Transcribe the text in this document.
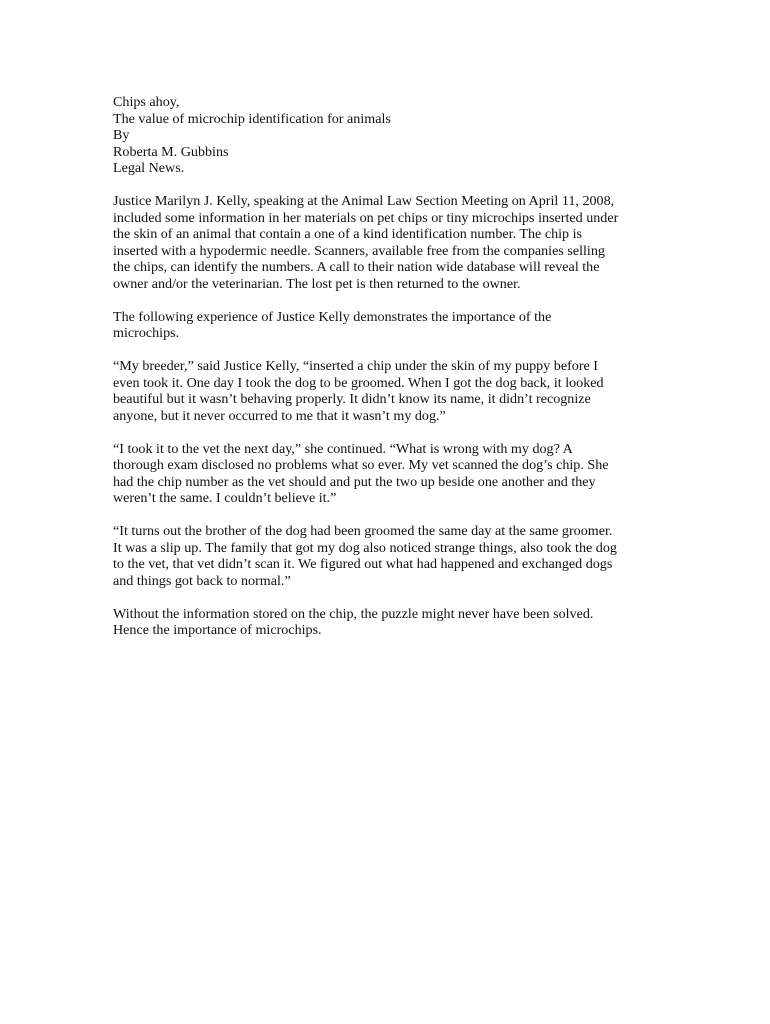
Chips ahoy,
The value of microchip identification for animals
By
Roberta M. Gubbins
Legal News.
Justice Marilyn J. Kelly, speaking at the Animal Law Section Meeting on April 11, 2008,
included some information in her materials on pet chips or tiny microchips inserted under
the skin of an animal that contain a one of a kind identification number. The chip is
inserted with a hypodermic needle. Scanners, available free from the companies selling
the chips, can identify the numbers. A call to their nation wide database will reveal the
owner and/or the veterinarian. The lost pet is then returned to the owner.
The following experience of Justice Kelly demonstrates the importance of the
microchips.
“My breeder,” said Justice Kelly, “inserted a chip under the skin of my puppy before I
even took it. One day I took the dog to be groomed. When I got the dog back, it looked
beautiful but it wasn’t behaving properly. It didn’t know its name, it didn’t recognize
anyone, but it never occurred to me that it wasn’t my dog.”
“I took it to the vet the next day,” she continued. “What is wrong with my dog? A
thorough exam disclosed no problems what so ever. My vet scanned the dog’s chip. She
had the chip number as the vet should and put the two up beside one another and they
weren’t the same. I couldn’t believe it.”
“It turns out the brother of the dog had been groomed the same day at the same groomer.
It was a slip up. The family that got my dog also noticed strange things, also took the dog
to the vet, that vet didn’t scan it. We figured out what had happened and exchanged dogs
and things got back to normal.”
Without the information stored on the chip, the puzzle might never have been solved.
Hence the importance of microchips.
